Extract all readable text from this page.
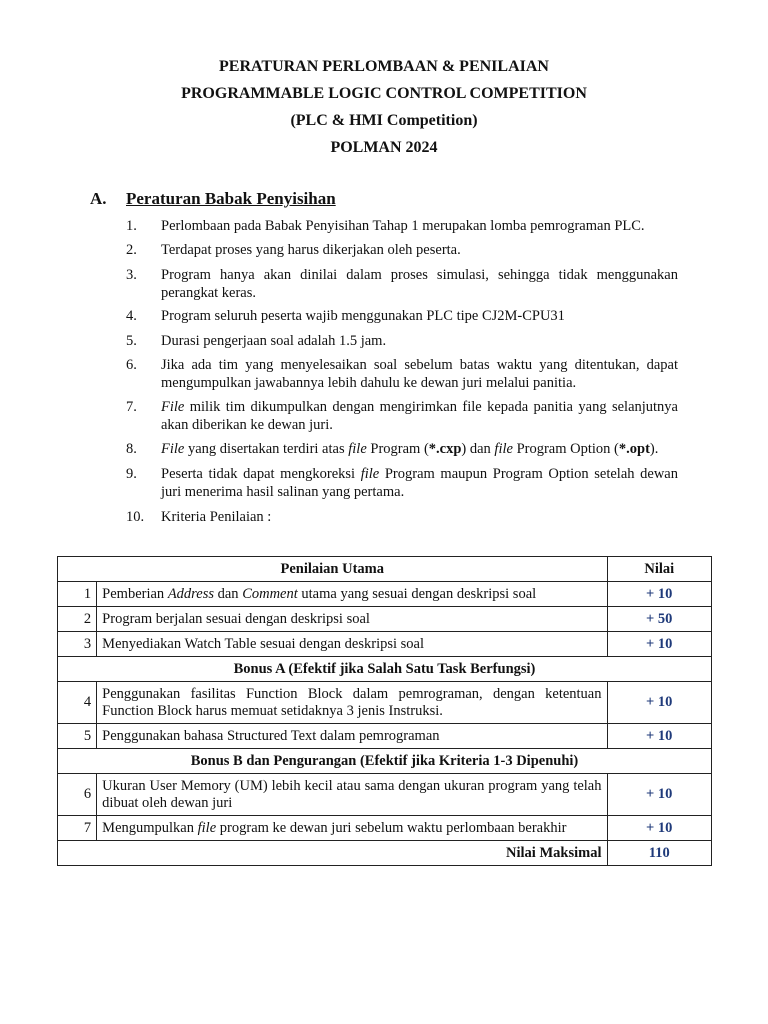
PERATURAN PERLOMBAAN & PENILAIAN
PROGRAMMABLE LOGIC CONTROL COMPETITION
(PLC & HMI Competition)
POLMAN 2024
A. Peraturan Babak Penyisihan
1.	Perlombaan pada Babak Penyisihan Tahap 1 merupakan lomba pemrograman PLC.
2.	Terdapat proses yang harus dikerjakan oleh peserta.
3.	Program hanya akan dinilai dalam proses simulasi, sehingga tidak menggunakan perangkat keras.
4.	Program seluruh peserta wajib menggunakan PLC tipe CJ2M-CPU31
5.	Durasi pengerjaan soal adalah 1.5 jam.
6.	Jika ada tim yang menyelesaikan soal sebelum batas waktu yang ditentukan, dapat mengumpulkan jawabannya lebih dahulu ke dewan juri melalui panitia.
7.	File milik tim dikumpulkan dengan mengirimkan file kepada panitia yang selanjutnya akan diberikan ke dewan juri.
8.	File yang disertakan terdiri atas file Program (*.cxp) dan file Program Option (*.opt).
9.	Peserta tidak dapat mengkoreksi file Program maupun Program Option setelah dewan juri menerima hasil salinan yang pertama.
10.	Kriteria Penilaian :
Penilaian Utama		Nilai
1	Pemberian Address dan Comment utama yang sesuai dengan deskripsi soal	+ 10
2	Program berjalan sesuai dengan deskripsi soal	+ 50
3	Menyediakan Watch Table sesuai dengan deskripsi soal	+ 10
Bonus A (Efektif jika Salah Satu Task Berfungsi)		
4	Penggunakan fasilitas Function Block dalam pemrograman, dengan ketentuan Function Block harus memuat setidaknya 3 jenis Instruksi.	+ 10
5	Penggunakan bahasa Structured Text dalam pemrograman	+ 10
Bonus B dan Pengurangan (Efektif jika Kriteria 1-3 Dipenuhi)		
6	Ukuran User Memory (UM) lebih kecil atau sama dengan ukuran program yang telah dibuat oleh dewan juri	+ 10
7	Mengumpulkan file program ke dewan juri sebelum waktu perlombaan berakhir	+ 10
Nilai Maksimal		110
